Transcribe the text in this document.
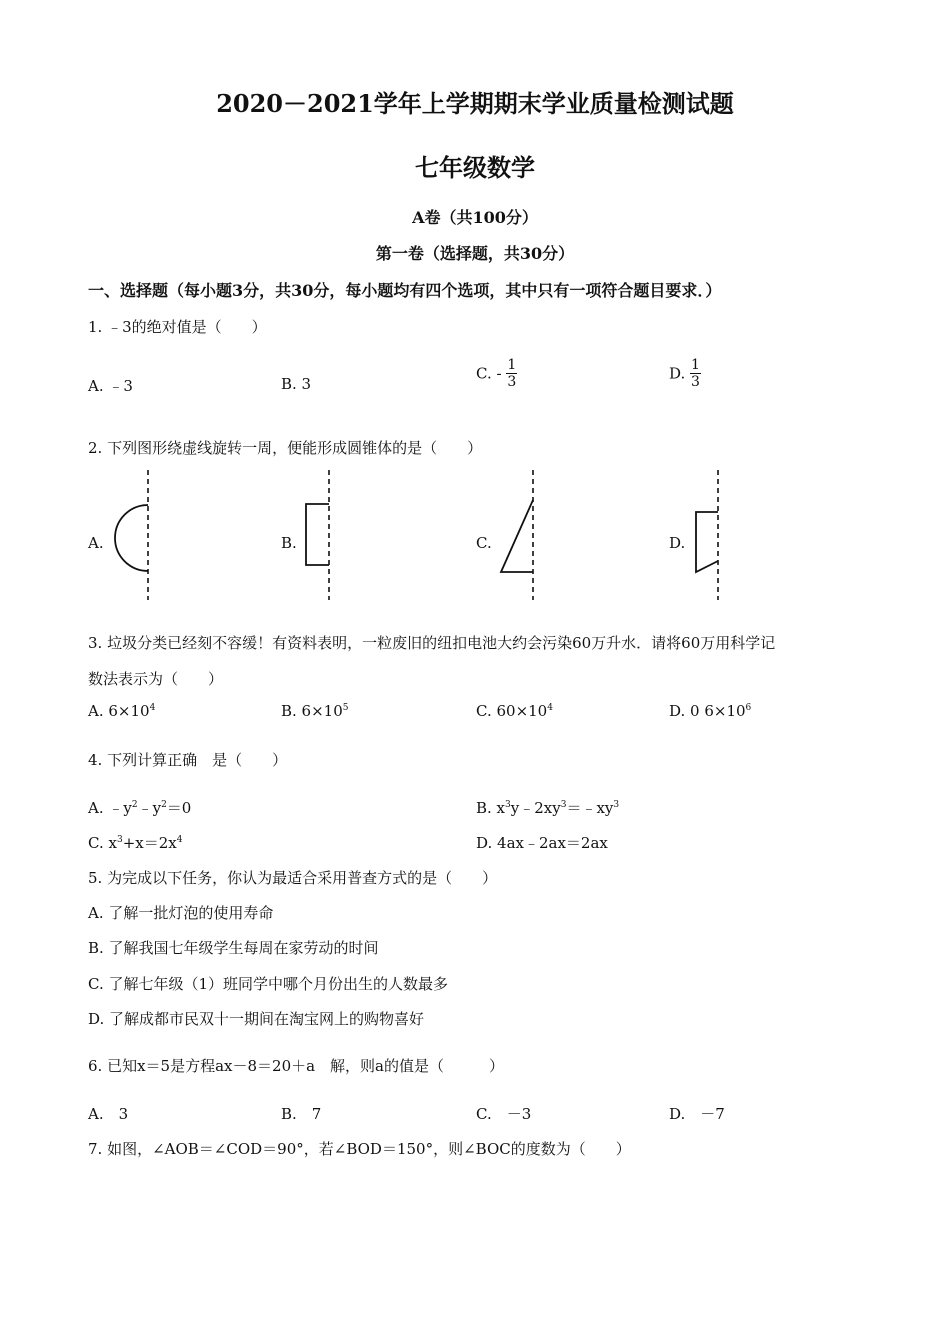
2020－2021学年上学期期末学业质量检测试题
七年级数学
A卷（共100分）
第一卷（选择题，共30分）
一、选择题（每小题3分，共30分，每小题均有四个选项，其中只有一项符合题目要求．）
1. ﹣3的绝对值是（　　）
A. ﹣3	B. 3
C. - $\frac{1}{3}$	D. $\frac{1}{3}$
2. 下列图形绕虚线旋转一周，便能形成圆锥体的是（　　）
A.	B.	C.	D.
3. 垃圾分类已经刻不容缓！有资料表明，一粒废旧的纽扣电池大约会污染60万升水．请将60万用科学记
数法表示为（　　）
A. $6\times 10^4$	B. $6\times 10^5$	C. $60\times 10^4$	D. 0 $6\times 10^6$
4. 下列计算正确　是（　　）
A. $﹣y^2﹣y^2=0$	B. $x^3y﹣2xy^3=﹣xy^3$
C. $x^3+x=2x^4$	D. 4ax﹣2ax＝2ax
5. 为完成以下任务，你认为最适合采用普查方式的是（　　）
A. 了解一批灯泡的使用寿命
B. 了解我国七年级学生每周在家劳动的时间
C. 了解七年级（1）班同学中哪个月份出生的人数最多
D. 了解成都市民双十一期间在淘宝网上的购物喜好
6. 已知x＝5是方程ax－8＝20＋a　解，则a的值是（　　　）
A.　3	B.　7	C.　－3	D.　－7
7. 如图，∠AOB＝∠COD＝90°，若∠BOD＝150°，则∠BOC的度数为（　　）
